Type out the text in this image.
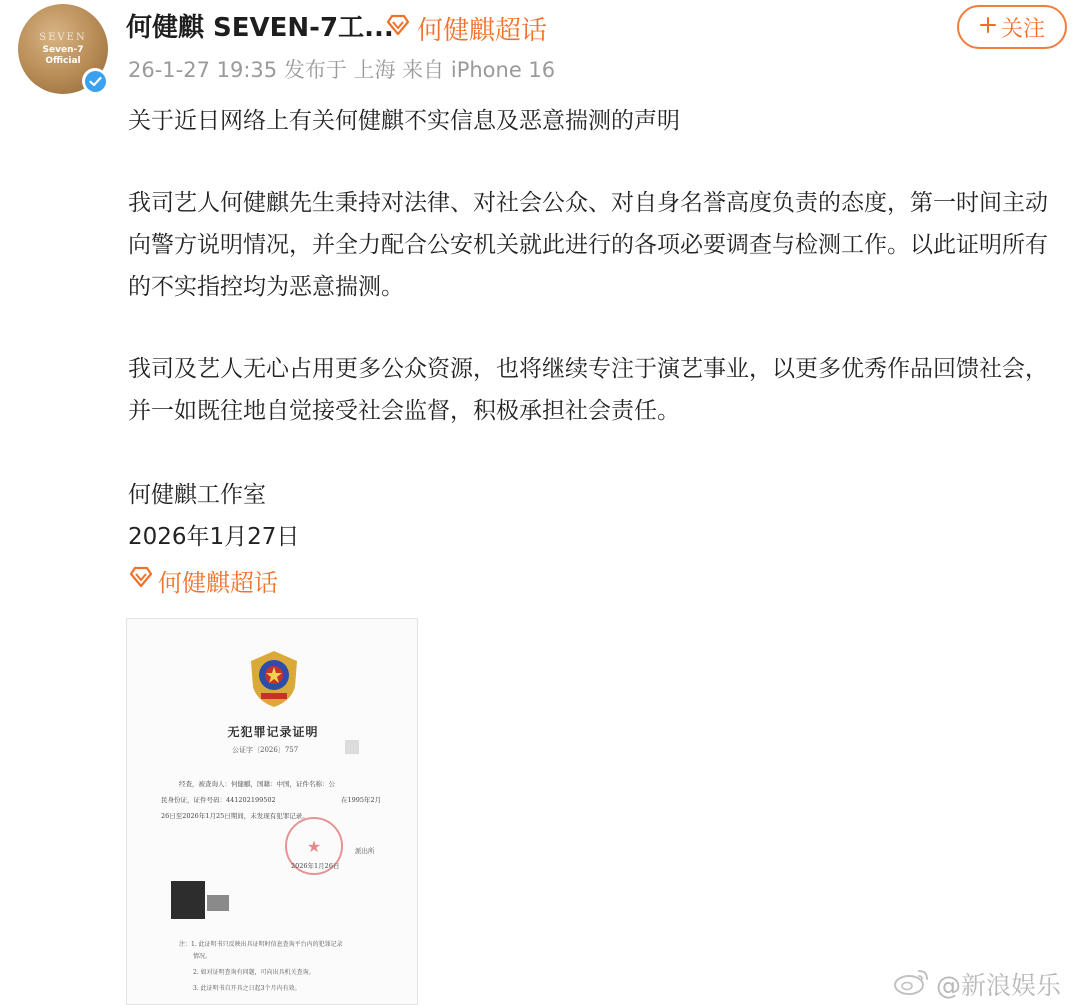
SEVEN
Seven-7
Official
何健麒 SEVEN-7工... 何健麒超话	关注
26-1-27 19:35 发布于 上海 来自 iPhone 16
关于近日网络上有关何健麒不实信息及恶意揣测的声明
我司艺人何健麒先生秉持对法律、对社会公众、对自身名誉高度负责的态度，第一时间主动向警方说明情况，并全力配合公安机关就此进行的各项必要调查与检测工作。以此证明所有的不实指控均为恶意揣测。
我司及艺人无心占用更多公众资源，也将继续专注于演艺事业，以更多优秀作品回馈社会，并一如既往地自觉接受社会监督，积极承担社会责任。
何健麒工作室
2026年1月27日
何健麒超话
无犯罪记录证明
公证字〔2026〕757
经查，被查询人：何健麒，国籍：中国，证件名称：公
民身份证，证件号码：441202199502	在1995年2月
26日至2026年1月25日期间，未发现有犯罪记录。
★	派出所
2026年1月26日
注：1. 此证明书只反映出具证明时信息查询平台内的犯罪记录
情况。
2. 如对证明查询有问题，可向出具机关查询。
3. 此证明书自开具之日起3个月内有效。	@新浪娱乐
